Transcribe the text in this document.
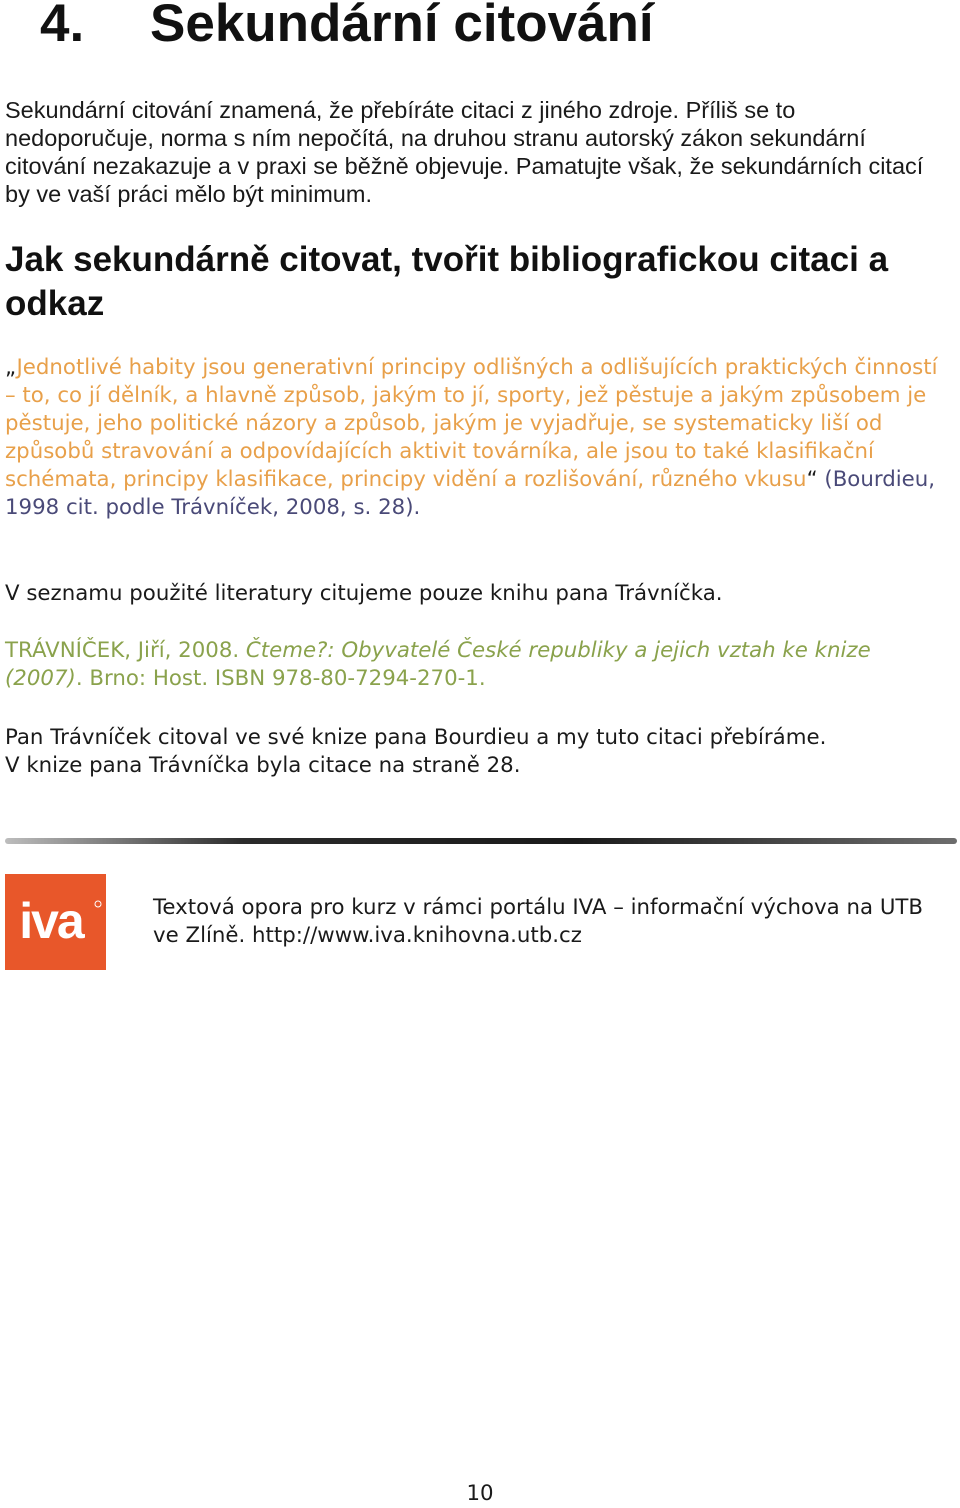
4. Sekundární citování

Sekundární citování znamená, že přebíráte citaci z jiného zdroje. Příliš se to nedoporučuje, norma s ním nepočítá, na druhou stranu autorský zákon sekundární citování nezakazuje a v praxi se běžně objevuje. Pamatujte však, že sekundárních citací by ve vaší práci mělo být minimum.

Jak sekundárně citovat, tvořit bibliografickou citaci a odkaz

„Jednotlivé habity jsou generativní principy odlišných a odlišujících praktických činností – to, co jí dělník, a hlavně způsob, jakým to jí, sporty, jež pěstuje a jakým způsobem je pěstuje, jeho politické názory a způsob, jakým je vyjadřuje, se systematicky liší od způsobů stravování a odpovídajících aktivit továrníka, ale jsou to také klasifikační schémata, principy klasifikace, principy vidění a rozlišování, různého vkusu“ (Bourdieu, 1998 cit. podle Trávníček, 2008, s. 28).

V seznamu použité literatury citujeme pouze knihu pana Trávníčka.

TRÁVNÍČEK, Jiří, 2008. Čteme?: Obyvatelé České republiky a jejich vztah ke knize (2007). Brno: Host. ISBN 978-80-7294-270-1.

Pan Trávníček citoval ve své knize pana Bourdieu a my tuto citaci přebíráme.
V knize pana Trávníčka byla citace na straně 28.

iva	Textová opora pro kurz v rámci portálu IVA – informační výchova na UTB ve Zlíně. http://www.iva.knihovna.utb.cz

10
